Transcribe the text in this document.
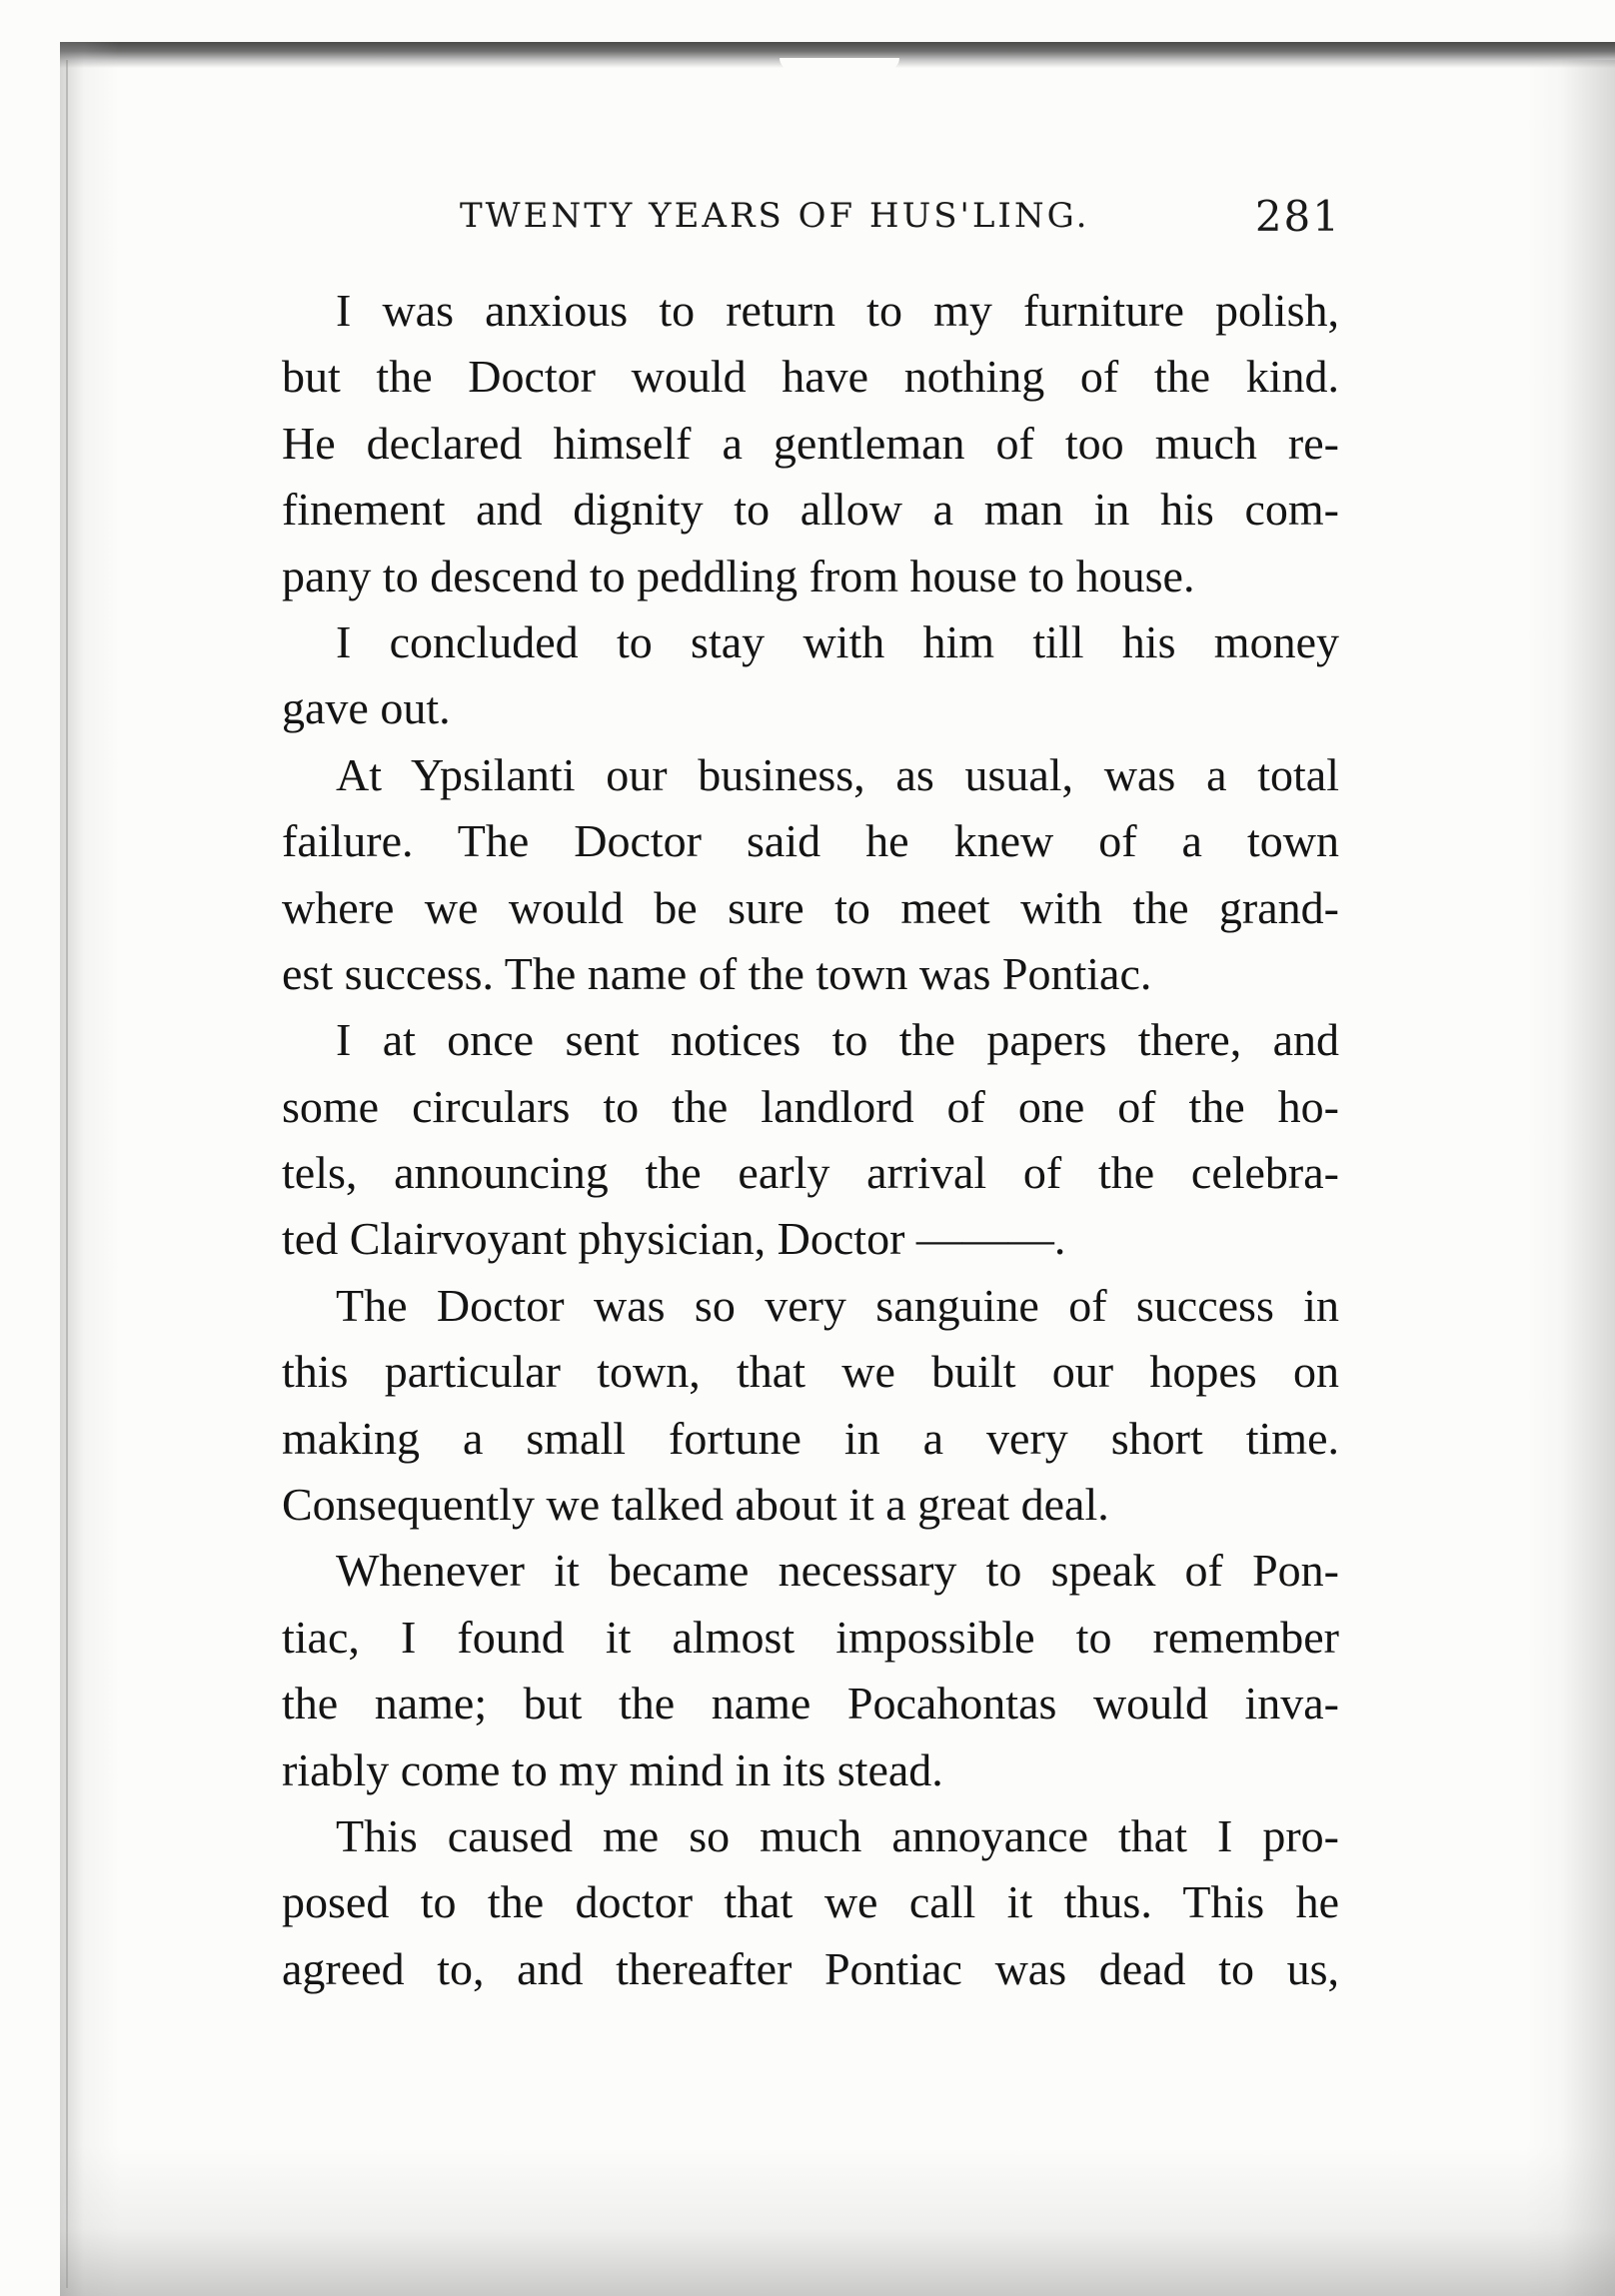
TWENTY YEARS OF HUS'LING.	281
I was anxious to return to my furniture polish,
but the Doctor would have nothing of the kind.
He declared himself a gentleman of too much re-
finement and dignity to allow a man in his com-
pany to descend to peddling from house to house.
I concluded to stay with him till his money
gave out.
At Ypsilanti our business, as usual, was a total
failure. The Doctor said he knew of a town
where we would be sure to meet with the grand-
est success. The name of the town was Pontiac.
I at once sent notices to the papers there, and
some circulars to the landlord of one of the ho-
tels, announcing the early arrival of the celebra-
ted Clairvoyant physician, Doctor ———.
The Doctor was so very sanguine of success in
this particular town, that we built our hopes on
making a small fortune in a very short time.
Consequently we talked about it a great deal.
Whenever it became necessary to speak of Pon-
tiac, I found it almost impossible to remember
the name; but the name Pocahontas would inva-
riably come to my mind in its stead.
This caused me so much annoyance that I pro-
posed to the doctor that we call it thus. This he
agreed to, and thereafter Pontiac was dead to us,
